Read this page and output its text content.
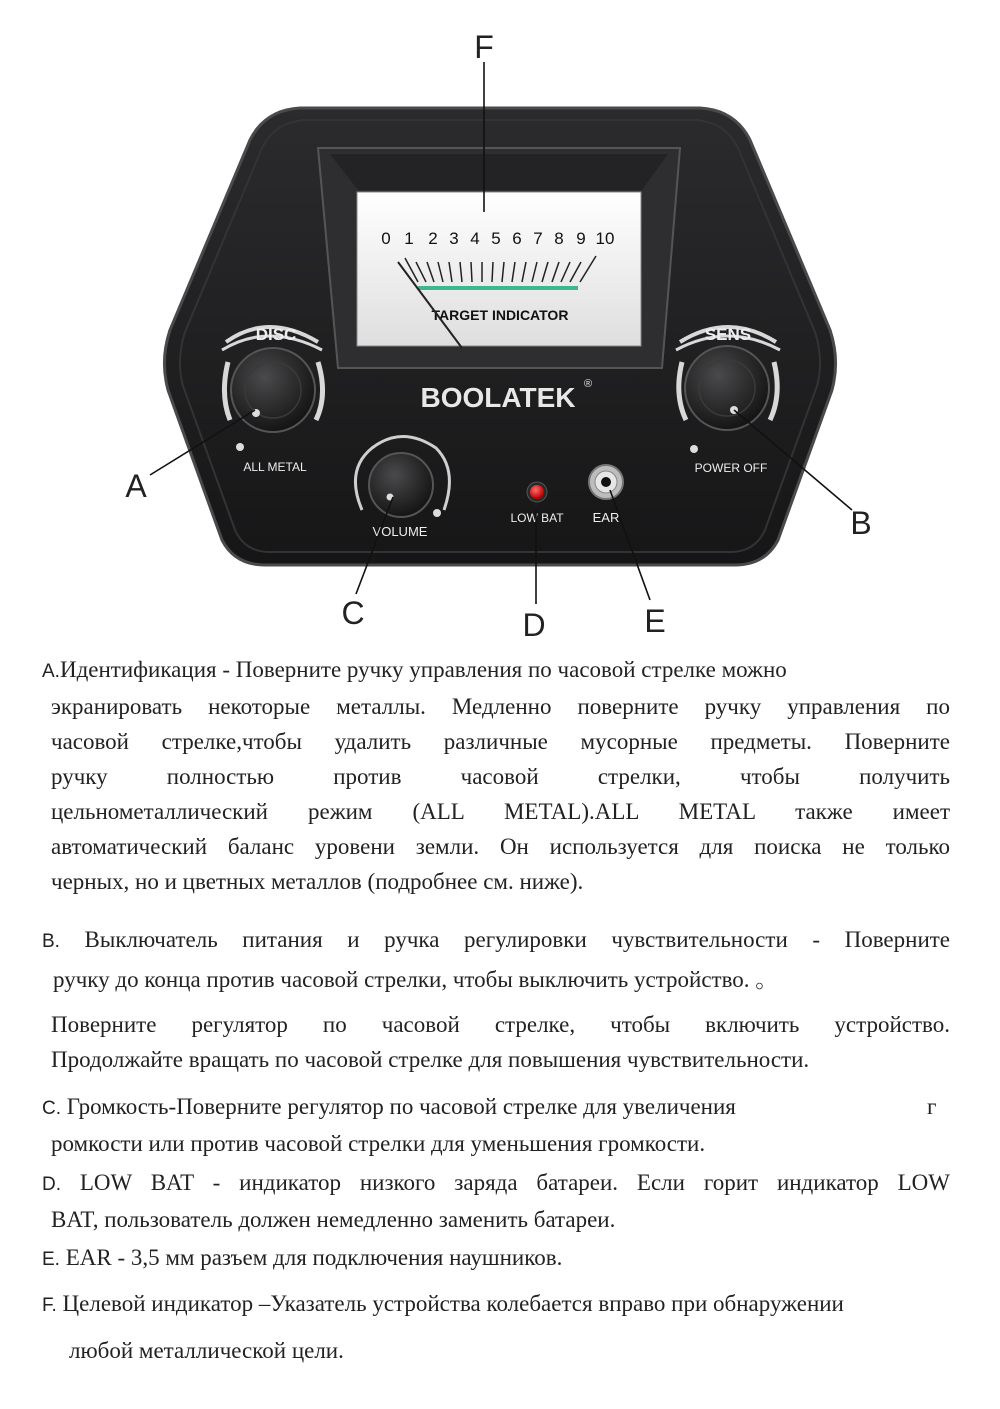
0 1 2 3 4 5 6 7 8 9 10
TARGET INDICATOR
BOOLATEK ®
DISC
ALL METAL
SENS
POWER OFF
VOLUME
LOW BAT EAR
F
A
B
C	D	E

A.Идентификация - Поверните ручку управления по часовой стрелке можно

экранировать некоторые металлы. Медленно поверните ручку управления по

часовой стрелке,чтобы удалить различные мусорные предметы. Поверните

ручку полностью против часовой стрелки, чтобы получить

цельнометаллический режим (ALL METAL).ALL METAL также имеет

автоматический баланс уровени земли. Он используется для поиска не только

черных, но и цветных металлов (подробнее см. ниже).

B. Выключатель питания и ручка регулировки чувствительности - Поверните

ручку до конца против часовой стрелки, чтобы выключить устройство. 。

Поверните регулятор по часовой стрелке, чтобы включить устройство.

Продолжайте вращать по часовой стрелке для повышения чувствительности.

C. Громкость-Поверните регулятор по часовой стрелке для увеличения	г

ромкости или против часовой стрелки для уменьшения громкости.

D. LOW BAT - индикатор низкого заряда батареи. Если горит индикатор LOW

BAT, пользователь должен немедленно заменить батареи.

E. EAR - 3,5 мм разъем для подключения наушников.

F. Целевой индикатор –Указатель устройства колебается вправо при обнаружении

любой металлической цели.
